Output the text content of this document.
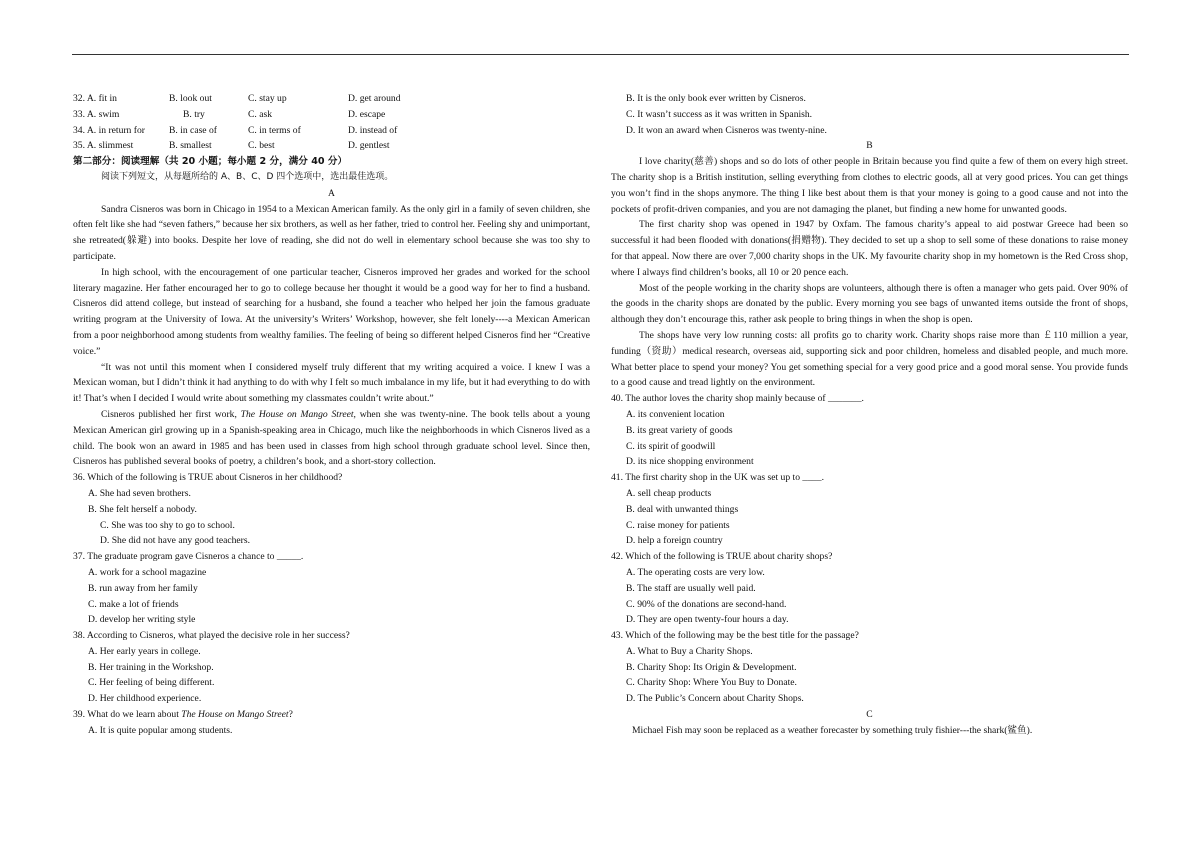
32. A. fit in	B. look out	C. stay up	D. get around
33. A. swim	B. try	C. ask	D. escape
34. A. in return for	B. in case of	C. in terms of	D. instead of
35. A. slimmest	B. smallest	C. best	D. gentlest
第二部分：阅读理解（共 20 小题；每小题 2 分，满分 40 分）
阅读下列短文，从每题所给的 A、B、C、D 四个选项中，选出最佳选项。
A

Sandra Cisneros was born in Chicago in 1954 to a Mexican American family. As the only girl in a family of seven children, she often felt like she had “seven fathers,” because her six brothers, as well as her father, tried to control her. Feeling shy and unimportant, she retreated(躲避) into books. Despite her love of reading, she did not do well in elementary school because she was too shy to participate.

In high school, with the encouragement of one particular teacher, Cisneros improved her grades and worked for the school literary magazine. Her father encouraged her to go to college because her thought it would be a good way for her to find a husband. Cisneros did attend college, but instead of searching for a husband, she found a teacher who helped her join the famous graduate writing program at the University of Iowa. At the university’s Writers’ Workshop, however, she felt lonely----a Mexican American from a poor neighborhood among students from wealthy families. The feeling of being so different helped Cisneros find her “Creative voice.”

“It was not until this moment when I considered myself truly different that my writing acquired a voice. I knew I was a Mexican woman, but I didn’t think it had anything to do with why I felt so much imbalance in my life, but it had everything to do with it! That’s when I decided I would write about something my classmates couldn’t write about.”

Cisneros published her first work, The House on Mango Street, when she was twenty-nine. The book tells about a young Mexican American girl growing up in a Spanish-speaking area in Chicago, much like the neighborhoods in which Cisneros lived as a child. The book won an award in 1985 and has been used in classes from high school through graduate school level. Since then, Cisneros has published several books of poetry, a children’s book, and a short-story collection.

36. Which of the following is TRUE about Cisneros in her childhood?
A. She had seven brothers.
B. She felt herself a nobody.
C. She was too shy to go to school.
D. She did not have any good teachers.
37. The graduate program gave Cisneros a chance to _____.
A. work for a school magazine
B. run away from her family
C. make a lot of friends
D. develop her writing style
38. According to Cisneros, what played the decisive role in her success?
A. Her early years in college.
B. Her training in the Workshop.
C. Her feeling of being different.
D. Her childhood experience.
39. What do we learn about The House on Mango Street?
A. It is quite popular among students.
B. It is the only book ever written by Cisneros.
C. It wasn’t success as it was written in Spanish.
D. It won an award when Cisneros was twenty-nine.
B

I love charity(慈善) shops and so do lots of other people in Britain because you find quite a few of them on every high street. The charity shop is a British institution, selling everything from clothes to electric goods, all at very good prices. You can get things you won’t find in the shops anymore. The thing I like best about them is that your money is going to a good cause and not into the pockets of profit-driven companies, and you are not damaging the planet, but finding a new home for unwanted goods.

The first charity shop was opened in 1947 by Oxfam. The famous charity’s appeal to aid postwar Greece had been so successful it had been flooded with donations(捐赠物). They decided to set up a shop to sell some of these donations to raise money for that appeal. Now there are over 7,000 charity shops in the UK. My favourite charity shop in my hometown is the Red Cross shop, where I always find children’s books, all 10 or 20 pence each.

Most of the people working in the charity shops are volunteers, although there is often a manager who gets paid. Over 90% of the goods in the charity shops are donated by the public. Every morning you see bags of unwanted items outside the front of shops, although they don’t encourage this, rather ask people to bring things in when the shop is open.

The shops have very low running costs: all profits go to charity work. Charity shops raise more than ￡110 million a year, funding（资助）medical research, overseas aid, supporting sick and poor children, homeless and disabled people, and much more. What better place to spend your money? You get something special for a very good price and a good moral sense. You provide funds to a good cause and tread lightly on the environment.

40. The author loves the charity shop mainly because of _______.
A. its convenient location
B. its great variety of goods
C. its spirit of goodwill
D. its nice shopping environment
41. The first charity shop in the UK was set up to ____.
A. sell cheap products
B. deal with unwanted things
C. raise money for patients
D. help a foreign country
42. Which of the following is TRUE about charity shops?
A. The operating costs are very low.
B. The staff are usually well paid.
C. 90% of the donations are second-hand.
D. They are open twenty-four hours a day.
43. Which of the following may be the best title for the passage?
A. What to Buy a Charity Shops.
B. Charity Shop: Its Origin & Development.
C. Charity Shop: Where You Buy to Donate.
D. The Public’s Concern about Charity Shops.
C

Michael Fish may soon be replaced as a weather forecaster by something truly fishier---the shark(鲨鱼).
